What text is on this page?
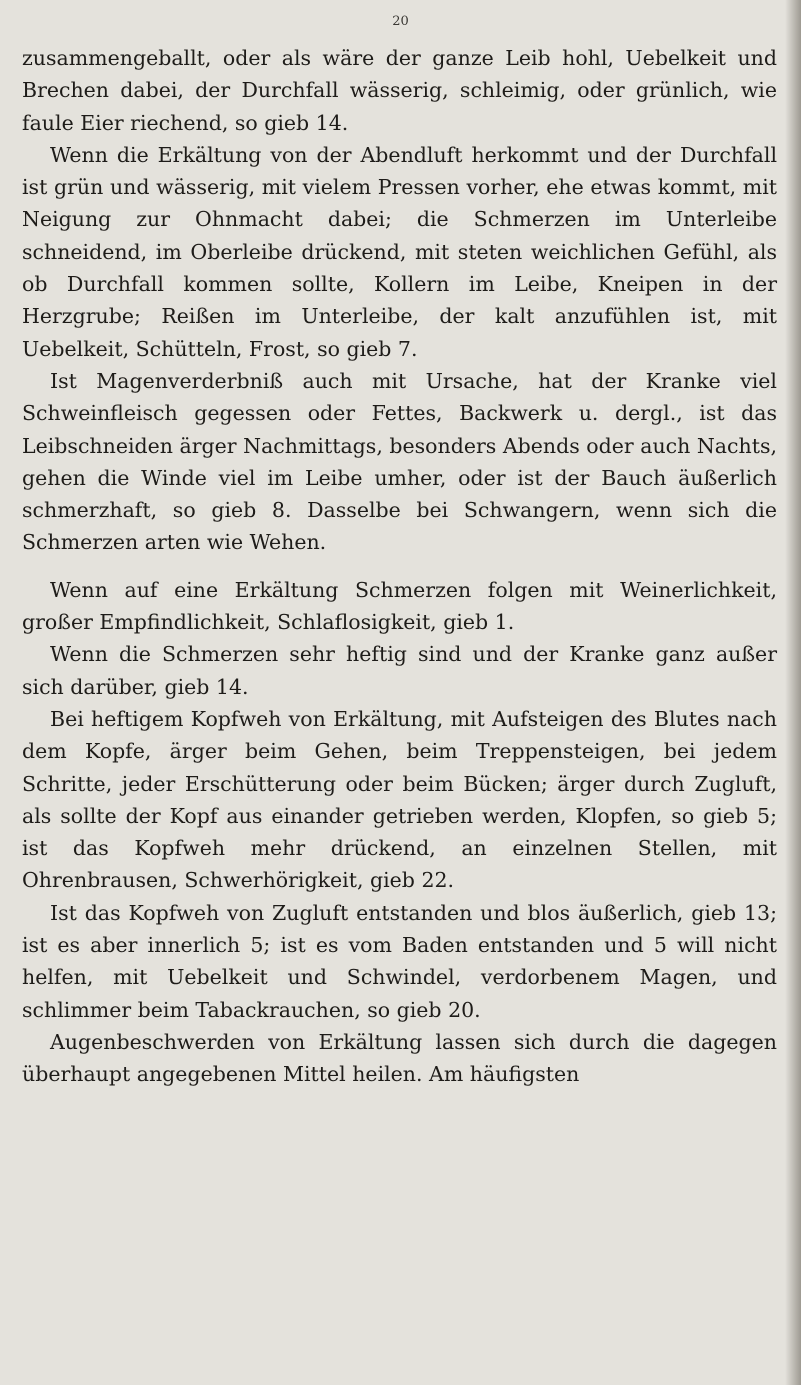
20

zusammengeballt, oder als wäre der ganze Leib hohl, Uebelkeit und Brechen dabei, der Durchfall wässerig, schleimig, oder grünlich, wie faule Eier riechend, so gieb 14.

Wenn die Erkältung von der Abendluft herkommt und der Durchfall ist grün und wässerig, mit vielem Pressen vorher, ehe etwas kommt, mit Neigung zur Ohnmacht dabei; die Schmerzen im Unterleibe schneidend, im Oberleibe drückend, mit steten weichlichen Gefühl, als ob Durchfall kommen sollte, Kollern im Leibe, Kneipen in der Herzgrube; Reißen im Unterleibe, der kalt anzufühlen ist, mit Uebelkeit, Schütteln, Frost, so gieb 7.

Ist Magenverderbniß auch mit Ursache, hat der Kranke viel Schweinfleisch gegessen oder Fettes, Backwerk u. dergl., ist das Leibschneiden ärger Nachmittags, besonders Abends oder auch Nachts, gehen die Winde viel im Leibe umher, oder ist der Bauch äußerlich schmerzhaft, so gieb 8. Dasselbe bei Schwangern, wenn sich die Schmerzen arten wie Wehen.

Wenn auf eine Erkältung Schmerzen folgen mit Weinerlichkeit, großer Empfindlichkeit, Schlaflosigkeit, gieb 1.

Wenn die Schmerzen sehr heftig sind und der Kranke ganz außer sich darüber, gieb 14.

Bei heftigem Kopfweh von Erkältung, mit Aufsteigen des Blutes nach dem Kopfe, ärger beim Gehen, beim Treppensteigen, bei jedem Schritte, jeder Erschütterung oder beim Bücken; ärger durch Zugluft, als sollte der Kopf aus einander getrieben werden, Klopfen, so gieb 5; ist das Kopfweh mehr drückend, an einzelnen Stellen, mit Ohrenbrausen, Schwerhörigkeit, gieb 22.

Ist das Kopfweh von Zugluft entstanden und blos äußerlich, gieb 13; ist es aber innerlich 5; ist es vom Baden entstanden und 5 will nicht helfen, mit Uebelkeit und Schwindel, verdorbenem Magen, und schlimmer beim Tabackrauchen, so gieb 20.

Augenbeschwerden von Erkältung lassen sich durch die dagegen überhaupt angegebenen Mittel heilen. Am häufigsten
